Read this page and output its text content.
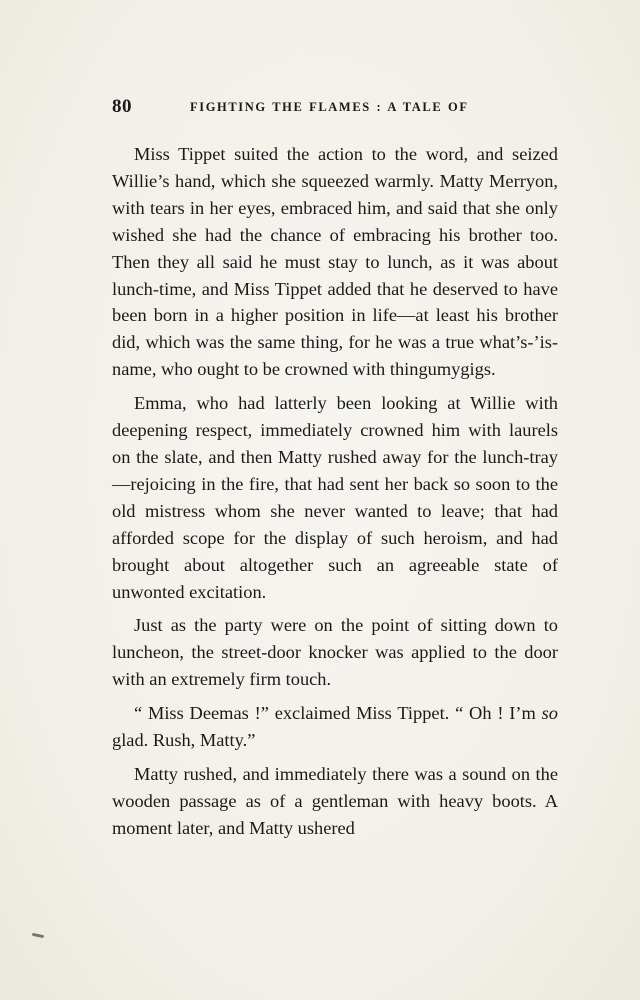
80	FIGHTING THE FLAMES : A TALE OF

Miss Tippet suited the action to the word, and seized Willie’s hand, which she squeezed warmly. Matty Merryon, with tears in her eyes, embraced him, and said that she only wished she had the chance of embracing his brother too. Then they all said he must stay to lunch, as it was about lunch-time, and Miss Tippet added that he deserved to have been born in a higher position in life—at least his brother did, which was the same thing, for he was a true what’s-’is-name, who ought to be crowned with thingumygigs.

Emma, who had latterly been looking at Willie with deepening respect, immediately crowned him with laurels on the slate, and then Matty rushed away for the lunch-tray—rejoicing in the fire, that had sent her back so soon to the old mistress whom she never wanted to leave; that had afforded scope for the display of such heroism, and had brought about altogether such an agreeable state of unwonted excitation.

Just as the party were on the point of sitting down to luncheon, the street-door knocker was applied to the door with an extremely firm touch.

“ Miss Deemas !” exclaimed Miss Tippet. “ Oh ! I’m so glad. Rush, Matty.”

Matty rushed, and immediately there was a sound on the wooden passage as of a gentleman with heavy boots. A moment later, and Matty ushered
